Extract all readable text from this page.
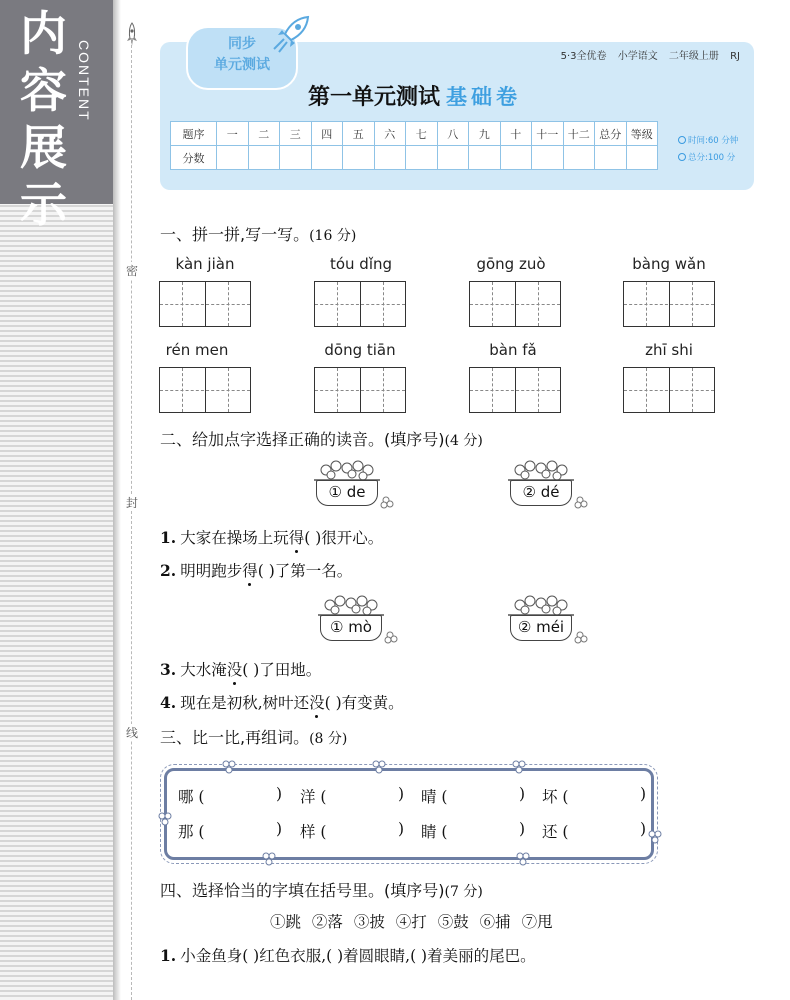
内容展示
CONTENT
密
封
线
5·3全优卷 小学语文 二年级上册 RJ
同步
单元测试
第一单元测试 基础卷
题序	一	二	三	四	五	六	七	八	九	十	十一	十二	总分	等级
分数														
时间:60 分钟
总分:100 分
一、拼一拼,写一写。(16 分)
kàn jiàn	tóu dǐng	gōng zuò	bàng wǎn
rén men	dōng tiān	bàn fǎ	zhī shi
二、给加点字选择正确的读音。(填序号)(4 分)
① de	② dé
1. 大家在操场上玩得( )很开心。
2. 明明跑步得( )了第一名。
① mò	② méi
3. 大水淹没( )了田地。
4. 现在是初秋,树叶还没( )有变黄。
三、比一比,再组词。(8 分)
哪 (	) 洋 (	) 晴 (	) 坏 (	)
那 (	) 样 (	) 睛 (	) 还 (	)
四、选择恰当的字填在括号里。(填序号)(7 分)
①跳 ②落 ③披 ④打 ⑤鼓 ⑥捕 ⑦甩
1. 小金鱼身( )红色衣服,( )着圆眼睛,( )着美丽的尾巴。
